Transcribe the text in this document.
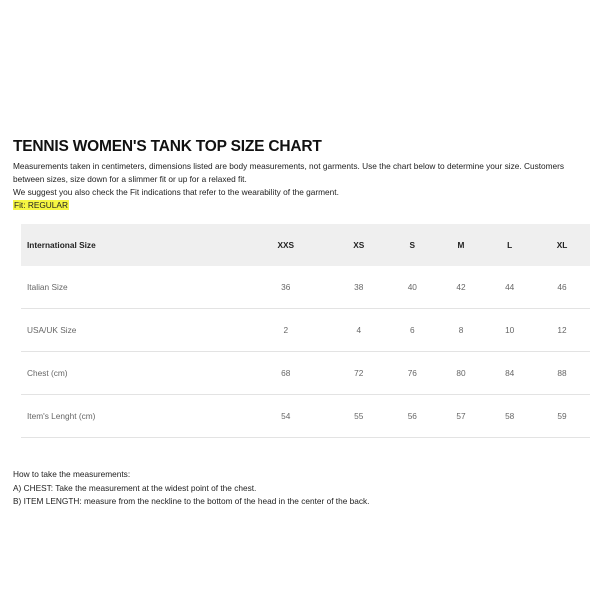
TENNIS WOMEN'S TANK TOP SIZE CHART

Measurements taken in centimeters, dimensions listed are body measurements, not garments. Use the chart below to determine your size. Customers between sizes, size down for a slimmer fit or up for a relaxed fit.

We suggest you also check the Fit indications that refer to the wearability of the garment.

Fit: REGULAR
International Size	XXS	XS	S	M	L	XL
Italian Size	36	38	40	42	44	46
USA/UK Size	2	4	6	8	10	12
Chest (cm)	68	72	76	80	84	88
Item's Lenght (cm)	54	55	56	57	58	59

How to take the measurements:

A) CHEST: Take the measurement at the widest point of the chest.

B) ITEM LENGTH: measure from the neckline to the bottom of the head in the center of the back.
